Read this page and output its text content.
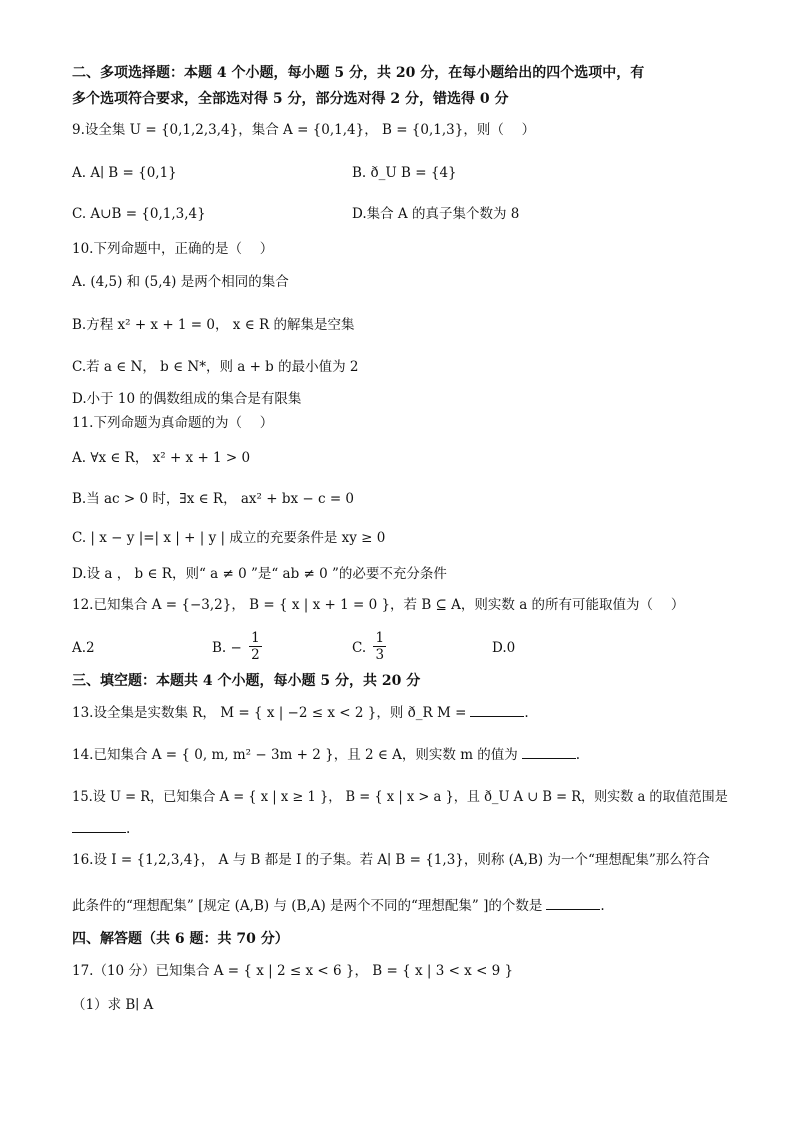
二、多项选择题：本题 4 个小题，每小题 5 分，共 20 分，在每小题给出的四个选项中，有
多个选项符合要求，全部选对得 5 分，部分选对得 2 分，错选得 0 分
9.设全集 U = {0,1,2,3,4}，集合 A = {0,1,4}， B = {0,1,3}，则（　 ）
A. A∣ B = {0,1}	B. ð_U B = {4}
C. A∪B = {0,1,3,4}	D.集合 A 的真子集个数为 8
10.下列命题中，正确的是（　 ）
A. (4,5) 和 (5,4) 是两个相同的集合
B.方程 x² + x + 1 = 0， x ∈ R 的解集是空集
C.若 a ∈ N， b ∈ N*，则 a + b 的最小值为 2
D.小于 10 的偶数组成的集合是有限集
11.下列命题为真命题的为（　 ）
A. ∀x ∈ R， x² + x + 1 > 0
B.当 ac > 0 时，∃x ∈ R， ax² + bx − c = 0
C. | x − y |=| x | + | y | 成立的充要条件是 xy ≥ 0
D.设 a ， b ∈ R，则“ a ≠ 0 ”是“ ab ≠ 0 ”的必要不充分条件
12.已知集合 A = {−3,2}， B = { x | x + 1 = 0 }，若 B ⊆ A，则实数 a 的所有可能取值为（　 ）
A.2	B. − $\frac{1}{2}$	C. $\frac{1}{3}$	D.0
三、填空题：本题共 4 个小题，每小题 5 分，共 20 分
13.设全集是实数集 R， M = { x | −2 ≤ x < 2 }，则 ð_R M =	.
14.已知集合 A = { 0, m, m² − 3m + 2 }，且 2 ∈ A，则实数 m 的值为	.
15.设 U = R，已知集合 A = { x | x ≥ 1 }， B = { x | x > a }，且 ð_U A ∪ B = R，则实数 a 的取值范围是
.
16.设 I = {1,2,3,4}， A 与 B 都是 I 的子集。若 A∣ B = {1,3}，则称 (A,B) 为一个“理想配集”那么符合
此条件的“理想配集” [规定 (A,B) 与 (B,A) 是两个不同的“理想配集” ]的个数是	.
四、解答题（共 6 题：共 70 分）
17.（10 分）已知集合 A = { x | 2 ≤ x < 6 }， B = { x | 3 < x < 9 }
（1）求 B∣ A
